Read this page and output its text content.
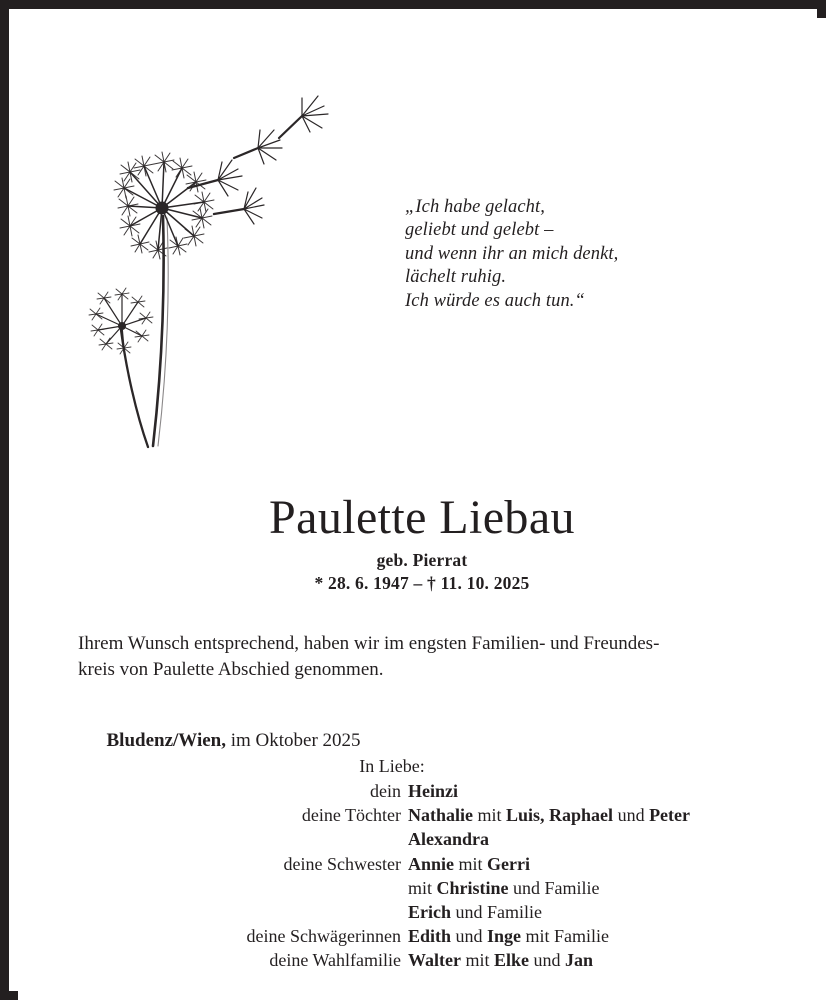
„Ich habe gelacht,
geliebt und gelebt –
und wenn ihr an mich denkt,
lächelt ruhig.
Ich würde es auch tun.“
Paulette Liebau
geb. Pierrat
* 28. 6. 1947 – † 11. 10. 2025
Ihrem Wunsch entsprechend, haben wir im engsten Familien- und Freundes-
kreis von Paulette Abschied genommen.

Bludenz/Wien, im Oktober 2025

In Liebe:
dein Heinzi
deine Töchter Nathalie mit Luis, Raphael und Peter
Alexandra
deine Schwester Annie mit Gerri
mit Christine und Familie
Erich und Familie
deine Schwägerinnen Edith und Inge mit Familie
deine Wahlfamilie Walter mit Elke und Jan
